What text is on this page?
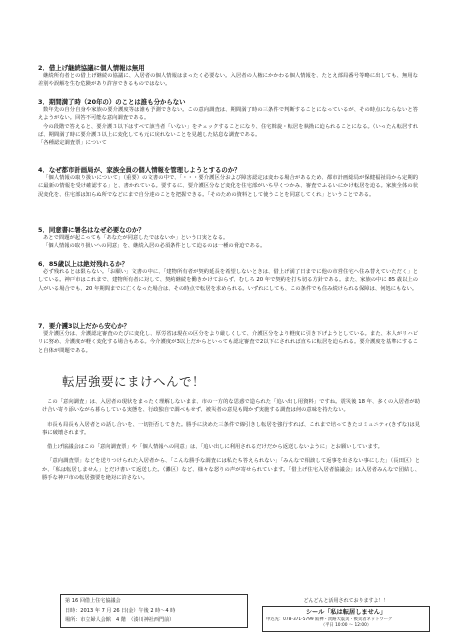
2．借上げ継続協議に個人情報は無用

継続所有者との借上げ継続の協議に、入居者の個人情報はまったく必要ない。入居者の人権にかかわる個人情報を、たとえ部局番号等略に出しても、無用な差別や誤解を生む危険があり許容できるものではない。

3．期間満了時（20年の）のことは誰も分からない

数年先の自分自身や家族の要介護度等は誰も予測できない。この意向調査は、期間満了時の三条件で判断することになっているが、その時点にならないと答えようがない。回答不可能な意向調査である。

今の段階で答えると、要介護３以下はすべて該当者「いない」をチェックすることになり、住宅斡旋・転居を執拗に迫られることになる。（いったん転居すれば、期間満了時に要介護３以上に変化しても元に戻れないことを見越した姑息な調査である。

「各種認定調査票」について

4．なぜ都市計画局が、家族全員の個人情報を管理しようとするのか？

「個人情報の取り扱いについて」（重要）の文書の中で、「・・・要介護区分および障害認定は変わる場合があるため、都市計画総局が保健福祉局から定期的に最新の情報を受け確認する」と、書かれている。要するに、要介護区分など変化を住宅部がいち早くつかみ、審査でふるいにかけ転居を迫る。家族全体の状況変化を、住宅部は知らぬ所でなどにまで自分達のことを把握できる。「そのための資料として使うことを同意してくれ」ということである。

5．同意書に署名はなぜ必要なのか？

あとで問題が起こっても「あなたが同意したではないか」という口実となる。

「個人情報の取り扱いへの同意」を、継続入居の必須条件として迫るのは一種の脅迫である。

6．85歳以上は絶対残れるか？

必ず残れるとは限らない。「お願い」文書の中に、「建物所有者が契約延長を希望しないときは、借上げ満了日までに他の市営住宅へ住み替えていただく」としている。神戸市はこれまで、建物所有者に対して、契約継続を働きかけておらず、むしろ 20 年で契約を打ち切る方針である。また、家族の中に 85 歳以上の人がいる場合でも、20 年期間までに亡くなった場合は、その時点で転居を求められる。いずれにしても、この条件でも住み続けられる保障は、何処にもない。

7．要介護3以上だから安心か？

要介護区分は、介護認定審査のたびに変化し、厚労省は現在の区分をより厳しくして、介護区分をより軽度に引き下げようとしている。また、本人がリハビリに努め、介護度が軽く変化する場合もある。今介護度が3以上だからといっても認定審査で2以下にされれば直ちに転居を迫られる。要介護度を基準にすること自体が問題である。

転居強要にまけへんで！

この「意向調査」は、入居者の現状をまったく理解しないまま、市の一方的な思惑で造られた「追い出し用資料」ですね。震災後 18 年、多くの入居者が助け合い寄り添いながら暮らしている実態を、行政独自で調べもせず、被災者の意見も聞かず実施する調査は何の意味を持たない。

市長も局長も入居者との話し合いを、一切拒否してきた。勝手に決めた三条件で線引きし転居を強行すれば、これまで培ってきたコミュニティ(きずな)は見事に破壊されます。

借上げ協議会はこの「意向調査票」や「個人情報への同意」は、「追い出しに利用されるだけだから返送しないように」とお願いしています。

「意向調査票」などを送りつけられた入居者から、「こんな勝手な調査には私たち答えられない」「みんなで相談して返事を出さない事にした」（長田区）とか、「私は転居しません」とだけ書いて返送した。（灘区）など、様々な怒りの声が寄せられています。「借上げ住宅入居者協議会」は入居者みんなで団結し、勝手な神戸市の転居強要を絶対に許さない。

第 16 回借上住宅協議会
日時：2013 年 7 月 26 日(金）午後 2 時～4 時
場所：市立婦人会館　4 階　（湊川神社西門前）
どんどんと活用されておりますよ！！
シール「私は転居しません」
申込先：078-371-5799 阪神・淡路大震災・被災者ネットワーク
（平日 10:00 ～ 12:00）
